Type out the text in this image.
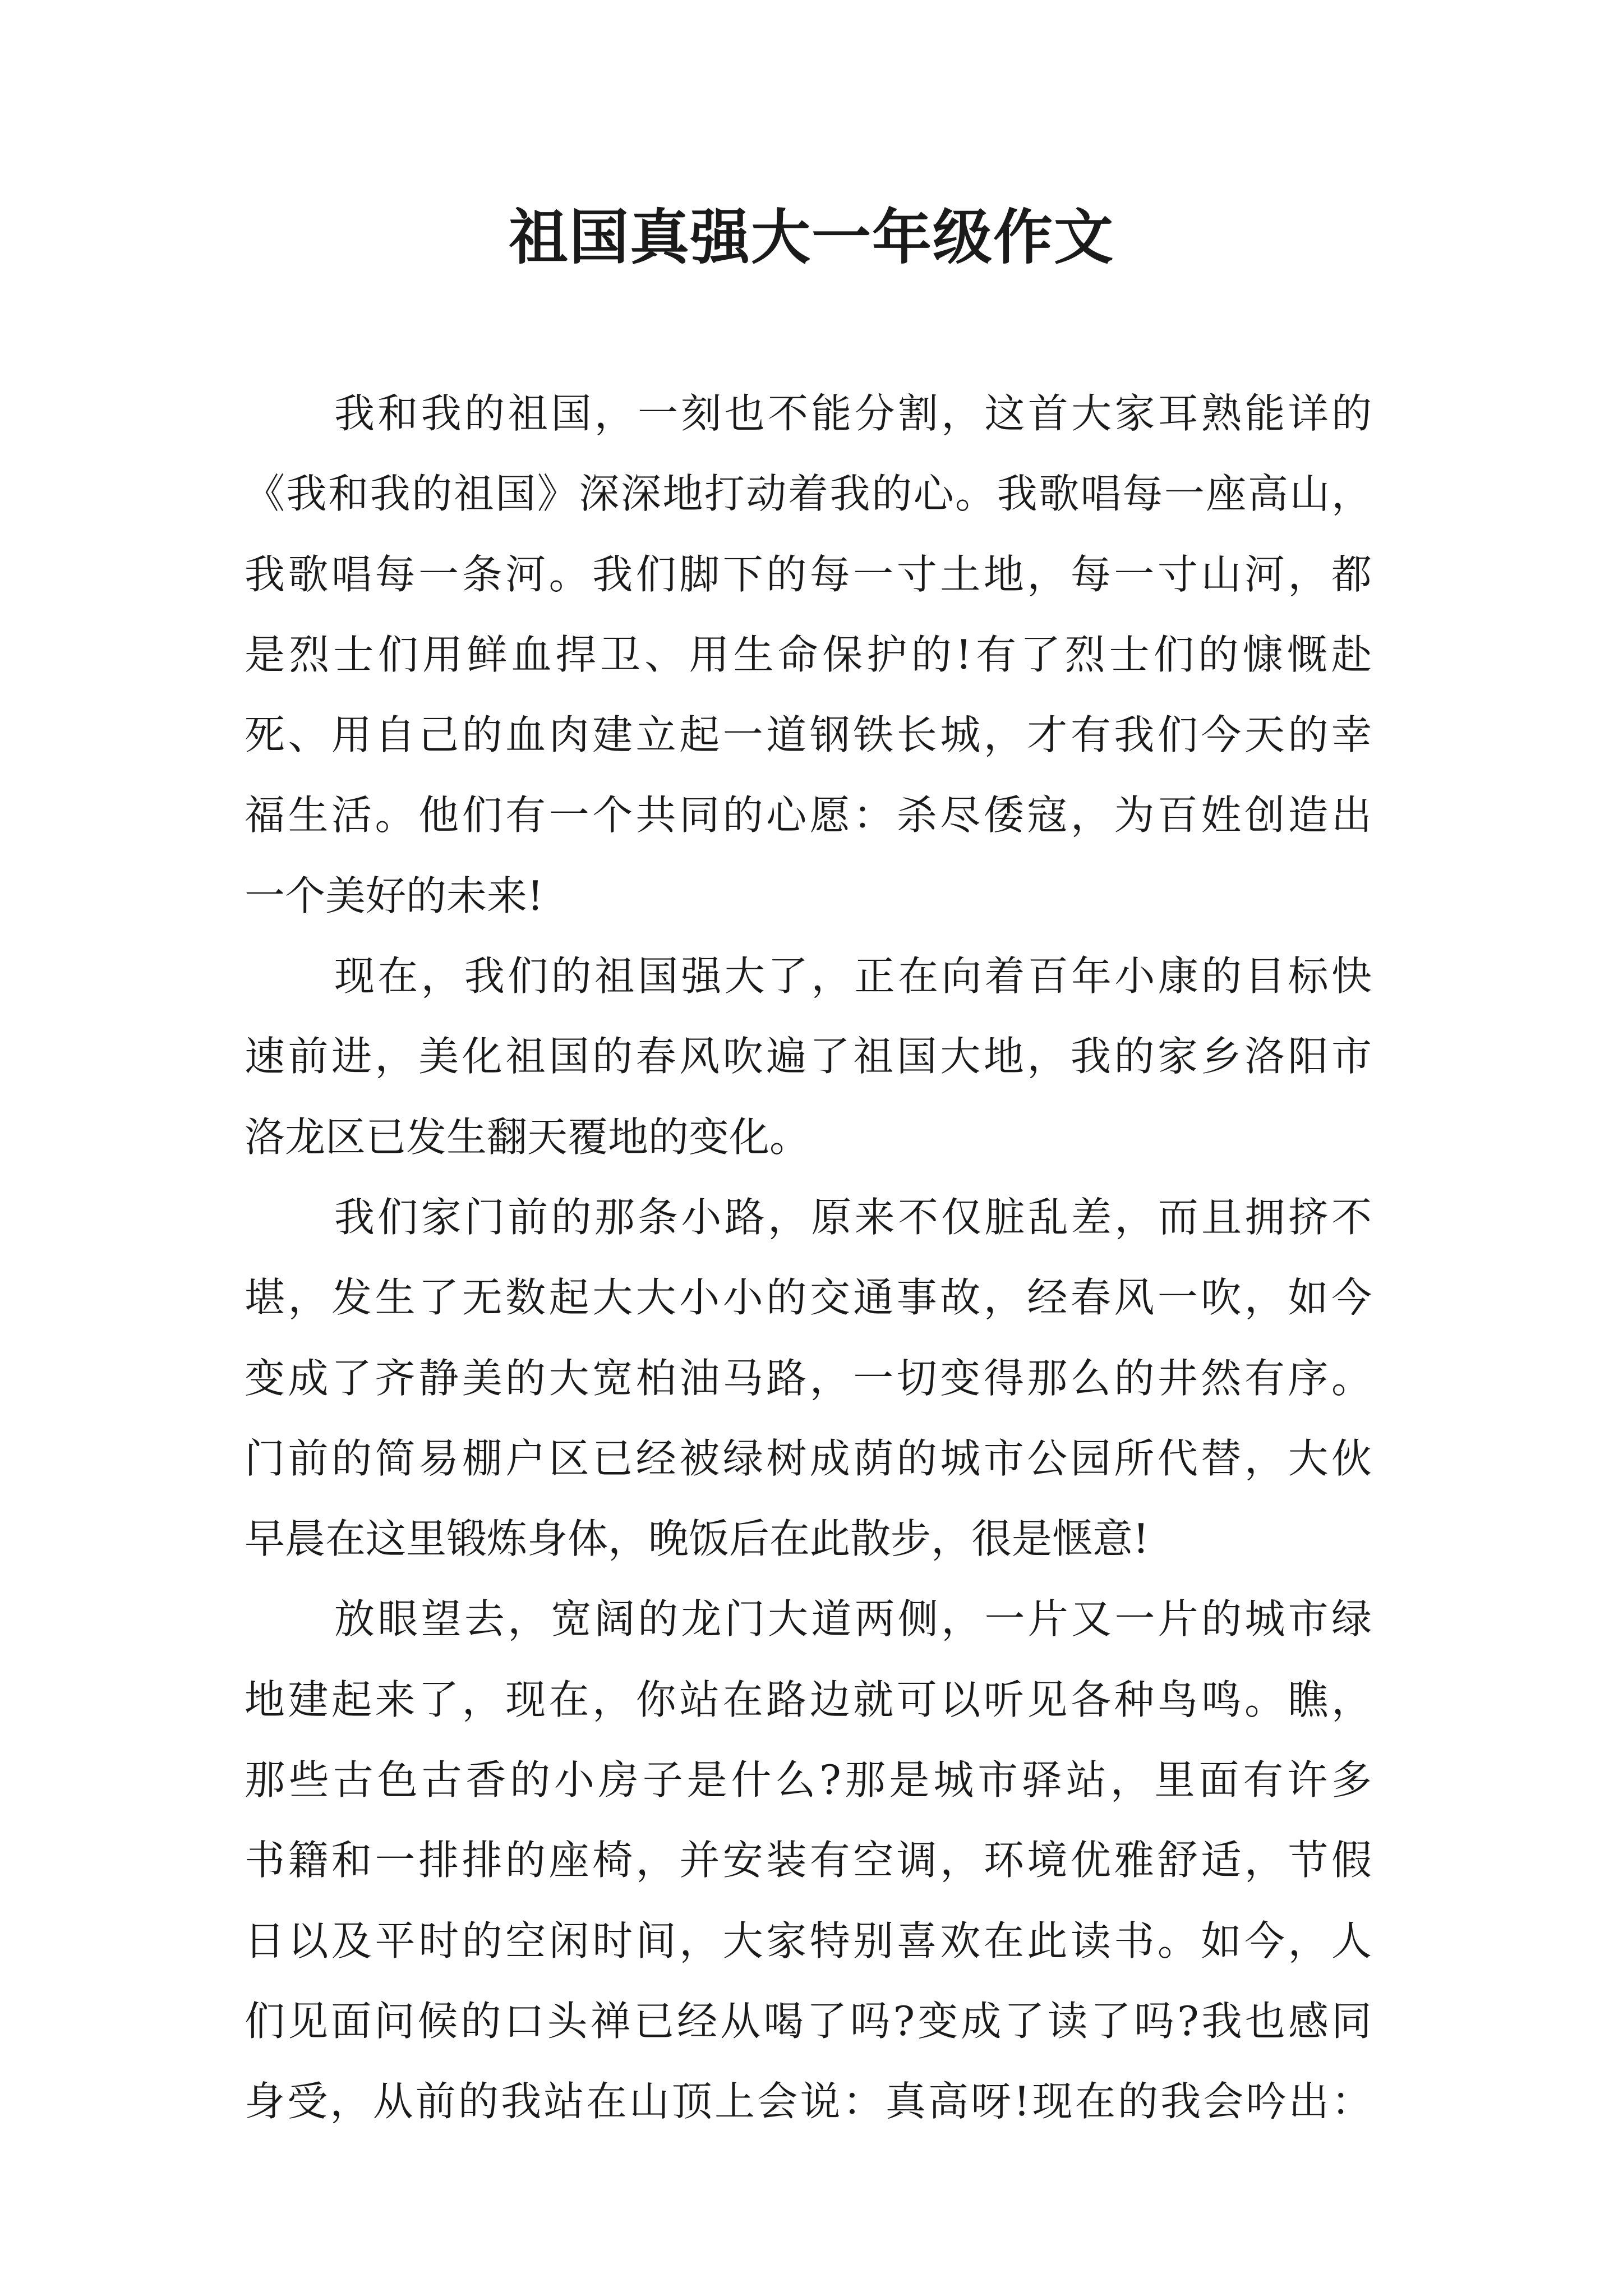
祖国真强大一年级作文
我和我的祖国，一刻也不能分割，这首大家耳熟能详的
《我和我的祖国》深深地打动着我的心。我歌唱每一座高山，
我歌唱每一条河。我们脚下的每一寸土地，每一寸山河，都
是烈士们用鲜血捍卫、用生命保护的!有了烈士们的慷慨赴
死、用自己的血肉建立起一道钢铁长城，才有我们今天的幸
福生活。他们有一个共同的心愿：杀尽倭寇，为百姓创造出
一个美好的未来!
现在，我们的祖国强大了，正在向着百年小康的目标快
速前进，美化祖国的春风吹遍了祖国大地，我的家乡洛阳市
洛龙区已发生翻天覆地的变化。
我们家门前的那条小路，原来不仅脏乱差，而且拥挤不
堪，发生了无数起大大小小的交通事故，经春风一吹，如今
变成了齐静美的大宽柏油马路，一切变得那么的井然有序。
门前的简易棚户区已经被绿树成荫的城市公园所代替，大伙
早晨在这里锻炼身体，晚饭后在此散步，很是惬意!
放眼望去，宽阔的龙门大道两侧，一片又一片的城市绿
地建起来了，现在，你站在路边就可以听见各种鸟鸣。瞧，
那些古色古香的小房子是什么?那是城市驿站，里面有许多
书籍和一排排的座椅，并安装有空调，环境优雅舒适，节假
日以及平时的空闲时间，大家特别喜欢在此读书。如今，人
们见面问候的口头禅已经从喝了吗?变成了读了吗?我也感同
身受，从前的我站在山顶上会说：真高呀!现在的我会吟出：
